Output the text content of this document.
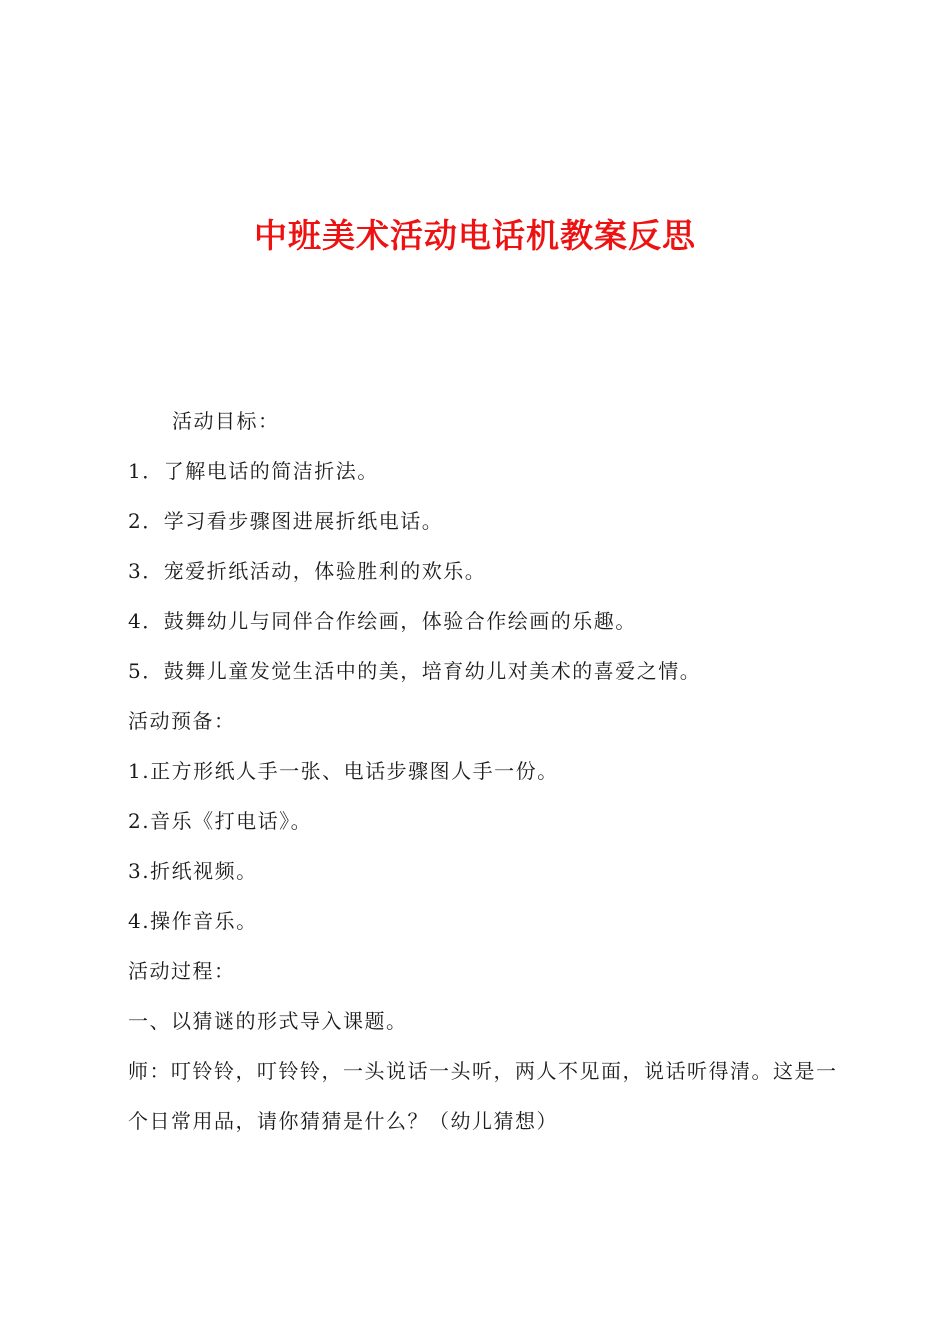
中班美术活动电话机教案反思

活动目标：

1．了解电话的简洁折法。

2．学习看步骤图进展折纸电话。

3．宠爱折纸活动，体验胜利的欢乐。

4．鼓舞幼儿与同伴合作绘画，体验合作绘画的乐趣。

5．鼓舞儿童发觉生活中的美，培育幼儿对美术的喜爱之情。

活动预备：

1.正方形纸人手一张、电话步骤图人手一份。

2.音乐《打电话》。

3.折纸视频。

4.操作音乐。

活动过程：

一、以猜谜的形式导入课题。

师：叮铃铃，叮铃铃，一头说话一头听，两人不见面，说话听得清。这是一个日常用品，请你猜猜是什么？（幼儿猜想）
